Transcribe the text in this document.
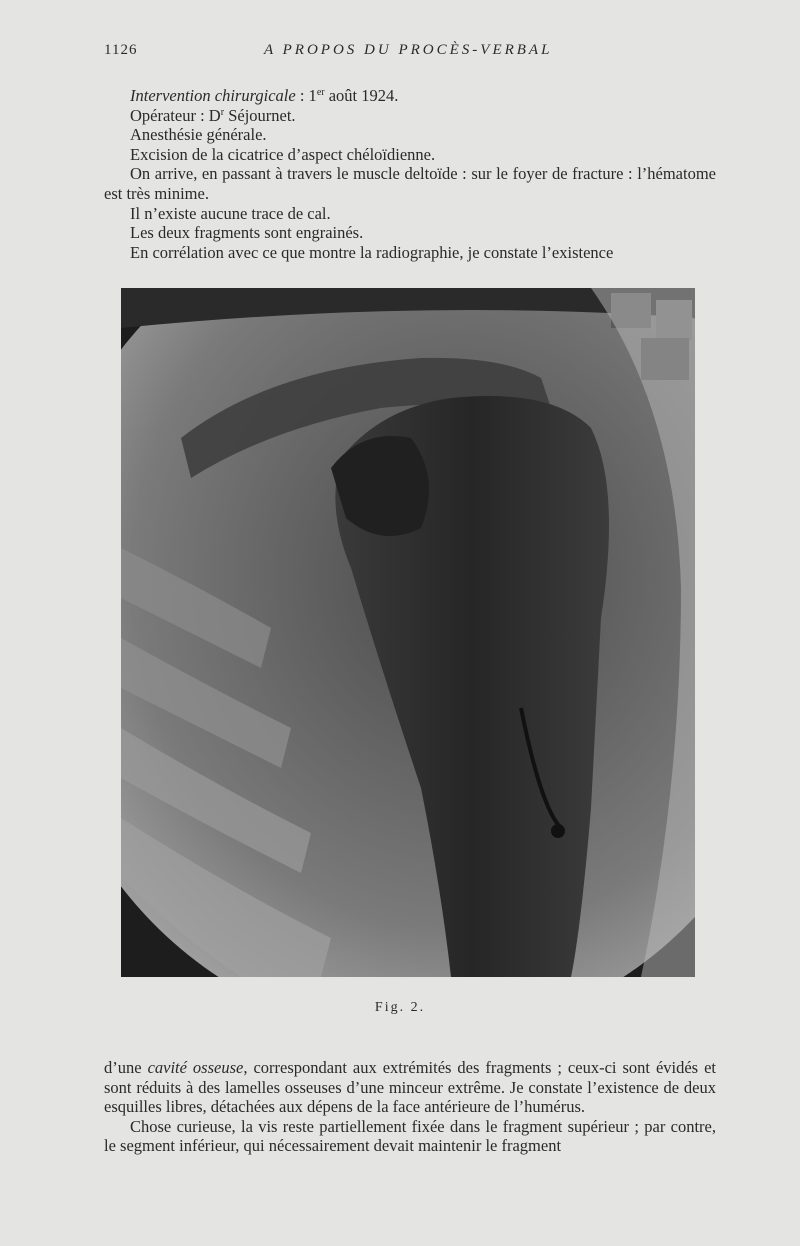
1126	A PROPOS DU PROCÈS-VERBAL

Intervention chirurgicale : 1er août 1924.

Opérateur : $D^r$ Séjournet.

Anesthésie générale.

Excision de la cicatrice d’aspect chéloïdienne.

On arrive, en passant à travers le muscle deltoïde : sur le foyer de fracture : l’hématome est très minime.

Il n’existe aucune trace de cal.

Les deux fragments sont engrainés.

En corrélation avec ce que montre la radiographie, je constate l’existence

Fig. 2.

d’une cavité osseuse, correspondant aux extrémités des fragments ; ceux-ci sont évidés et sont réduits à des lamelles osseuses d’une minceur extrême. Je constate l’existence de deux esquilles libres, détachées aux dépens de la face antérieure de l’humérus.

Chose curieuse, la vis reste partiellement fixée dans le fragment supérieur ; par contre, le segment inférieur, qui nécessairement devait maintenir le fragment
